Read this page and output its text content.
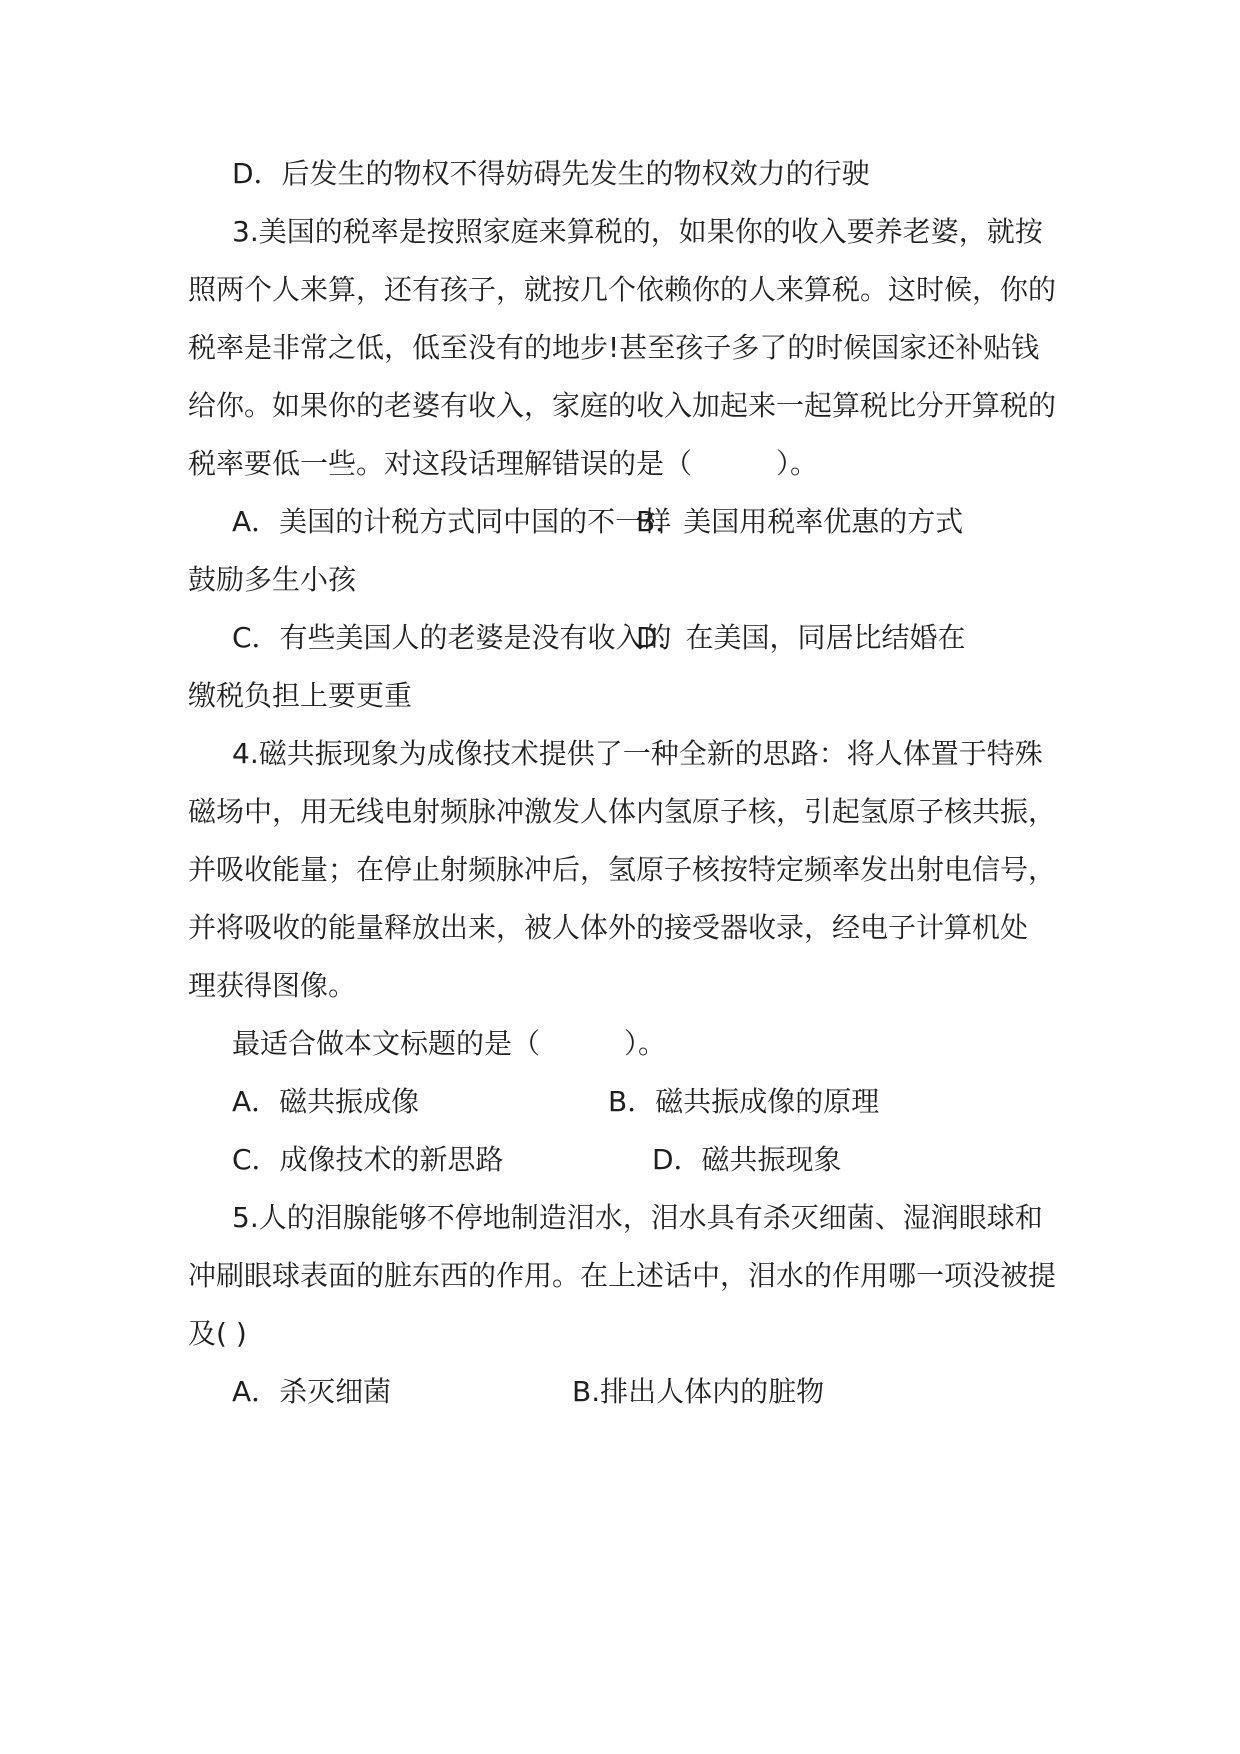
D．后发生的物权不得妨碍先发生的物权效力的行驶
3.美国的税率是按照家庭来算税的，如果你的收入要养老婆，就按
照两个人来算，还有孩子，就按几个依赖你的人来算税。这时候，你的
税率是非常之低，低至没有的地步!甚至孩子多了的时候国家还补贴钱
给你。如果你的老婆有收入，家庭的收入加起来一起算税比分开算税的
税率要低一些。对这段话理解错误的是（　　　）。
A．美国的计税方式同中国的不一样
B．美国用税率优惠的方式
鼓励多生小孩
C．有些美国人的老婆是没有收入的
D．在美国，同居比结婚在
缴税负担上要更重
4.磁共振现象为成像技术提供了一种全新的思路：将人体置于特殊
磁场中，用无线电射频脉冲激发人体内氢原子核，引起氢原子核共振，
并吸收能量；在停止射频脉冲后，氢原子核按特定频率发出射电信号，
并将吸收的能量释放出来，被人体外的接受器收录，经电子计算机处
理获得图像。
最适合做本文标题的是（　　　）。
A．磁共振成像	B．磁共振成像的原理
C．成像技术的新思路	D．磁共振现象
5.人的泪腺能够不停地制造泪水，泪水具有杀灭细菌、湿润眼球和
冲刷眼球表面的脏东西的作用。在上述话中，泪水的作用哪一项没被提
及( )
A．杀灭细菌	B.排出人体内的脏物
